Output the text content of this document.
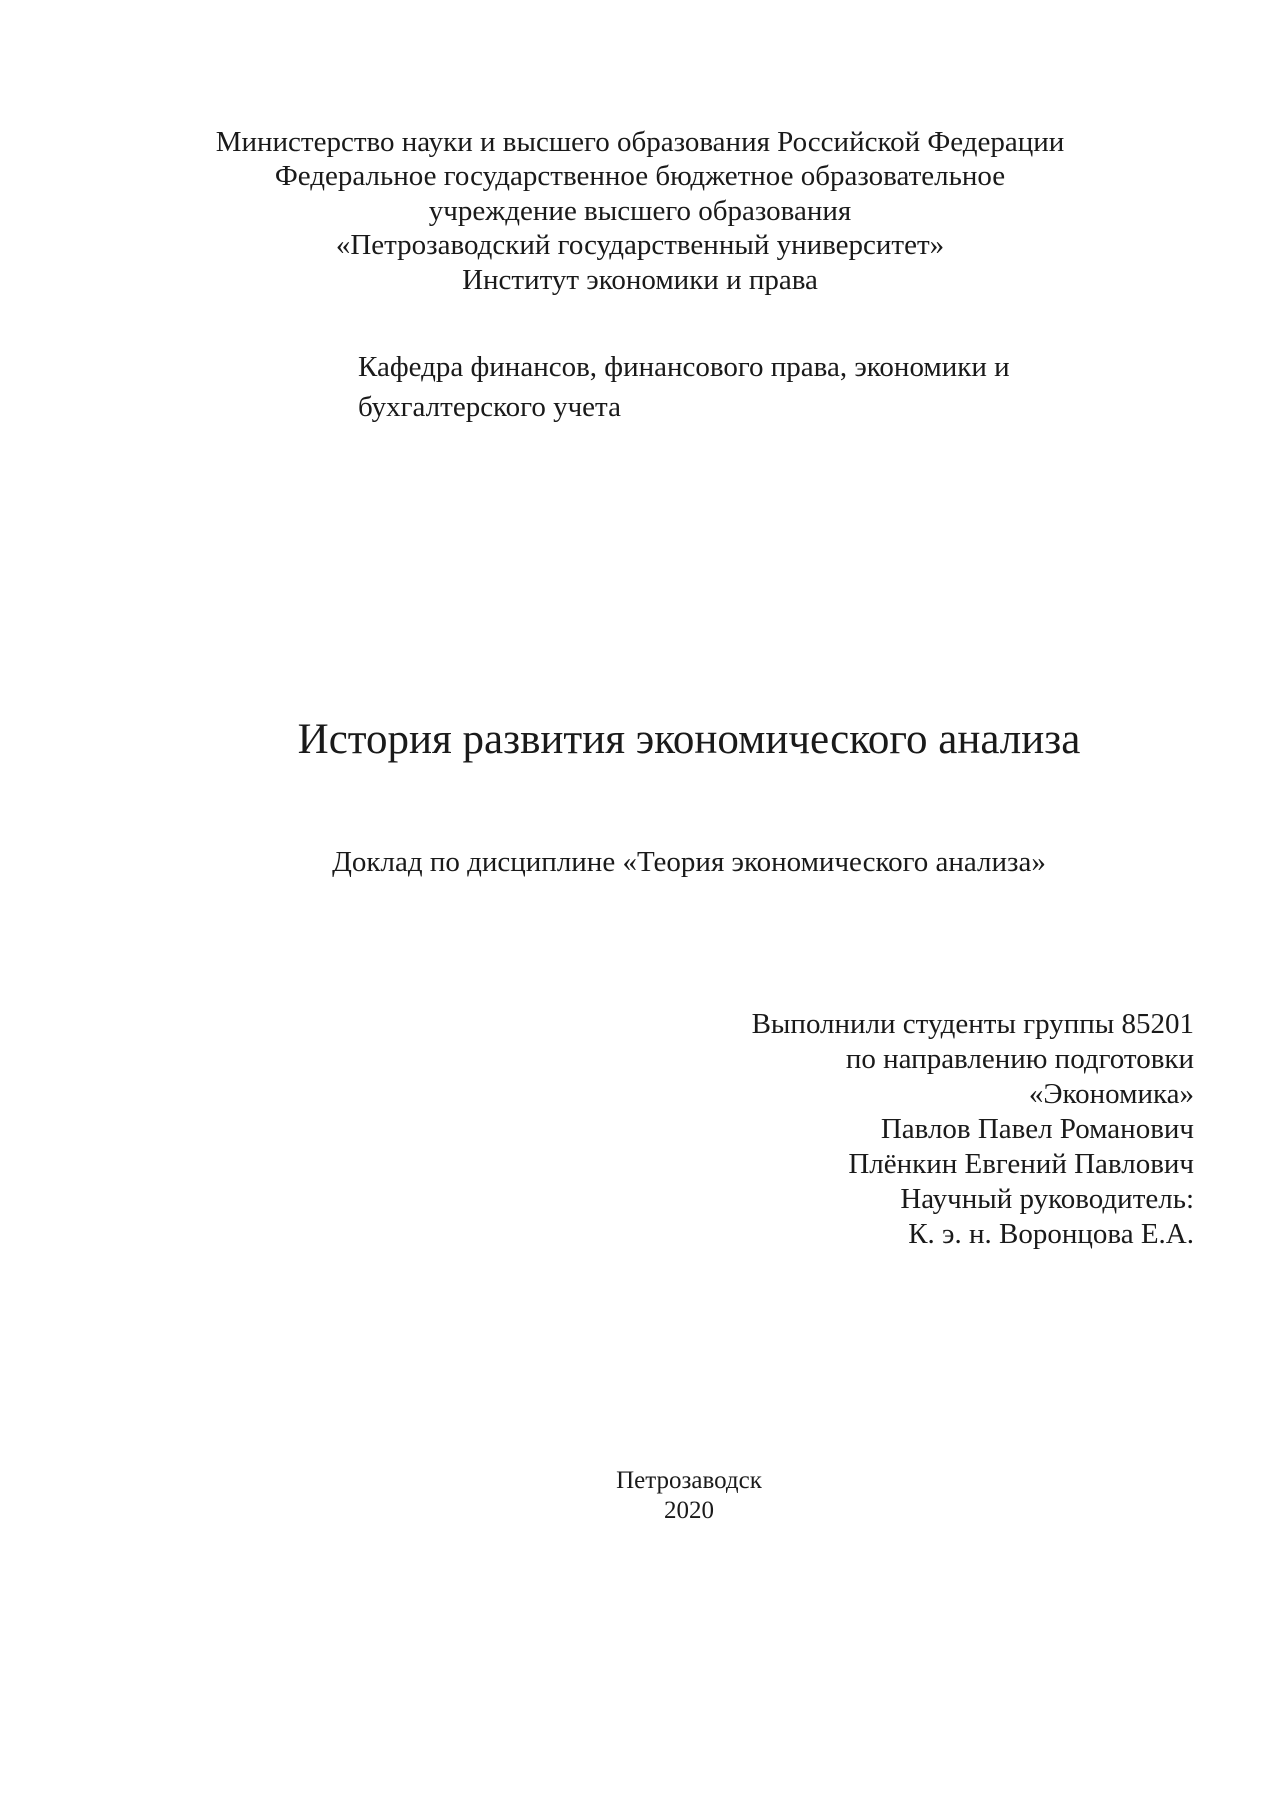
Министерство науки и высшего образования Российской Федерации

Федеральное государственное бюджетное образовательное

учреждение высшего образования

«Петрозаводский государственный университет»

Институт экономики и права

Кафедра финансов, финансового права, экономики и

бухгалтерского учета

История развития экономического анализа

Доклад по дисциплине «Теория экономического анализа»

Выполнили студенты группы 85201

по направлению подготовки

«Экономика»

Павлов Павел Романович

Плёнкин Евгений Павлович

Научный руководитель:

К. э. н. Воронцова Е.А.

Петрозаводск

2020
